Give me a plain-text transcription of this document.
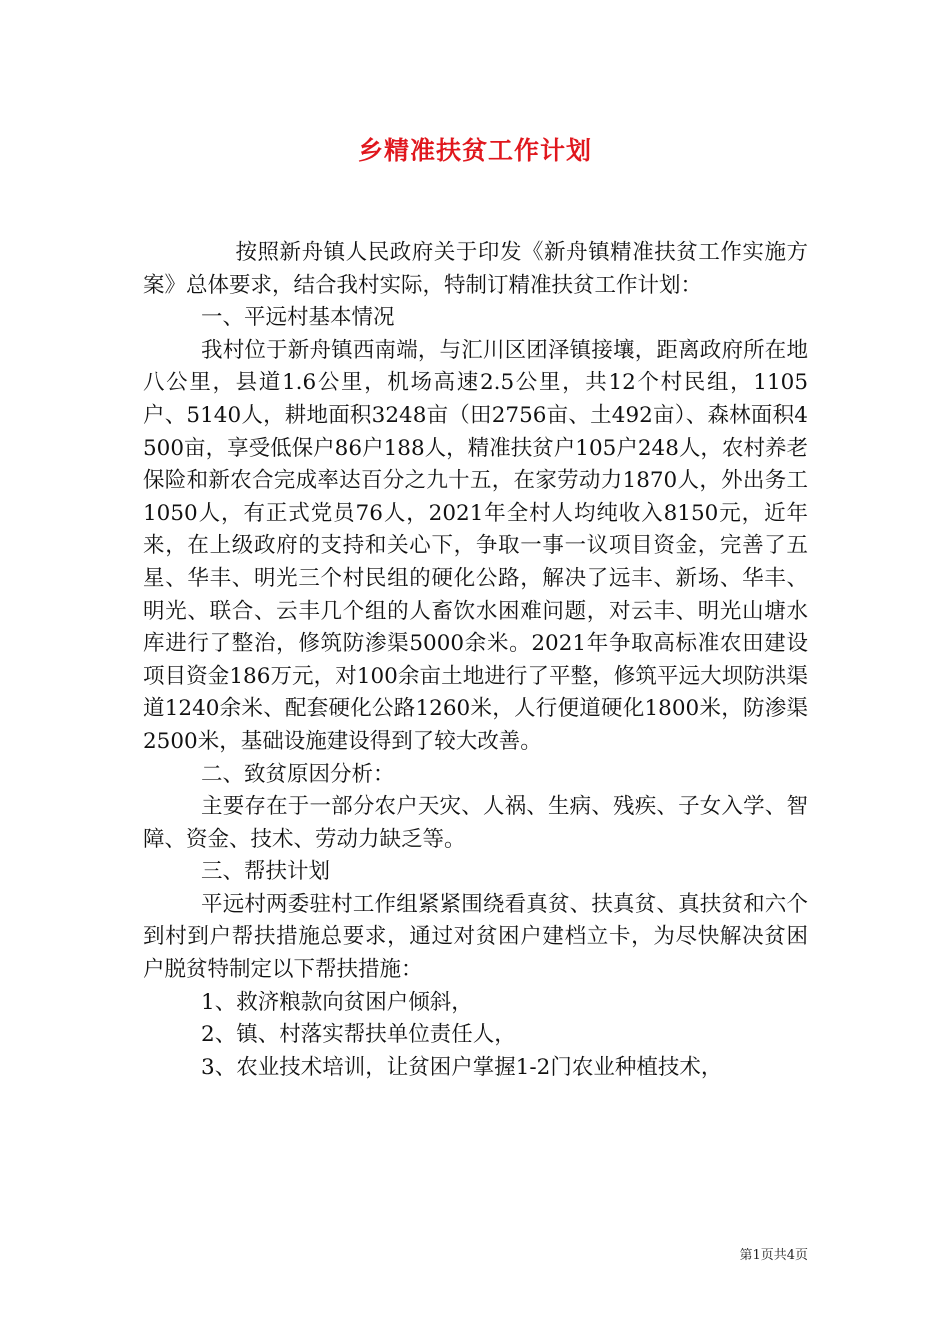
乡精准扶贫工作计划

按照新舟镇人民政府关于印发《新舟镇精准扶贫工作实施方案》总体要求，结合我村实际，特制订精准扶贫工作计划：

一、平远村基本情况

我村位于新舟镇西南端，与汇川区团泽镇接壤，距离政府所在地八公里，县道1.6公里，机场高速2.5公里，共12个村民组，1105户、5140人，耕地面积3248亩（田2756亩、土492亩）、森林面积4500亩，享受低保户86户188人，精准扶贫户105户248人，农村养老保险和新农合完成率达百分之九十五，在家劳动力1870人，外出务工1050人，有正式党员76人，2021年全村人均纯收入8150元，近年来，在上级政府的支持和关心下，争取一事一议项目资金，完善了五星、华丰、明光三个村民组的硬化公路，解决了远丰、新场、华丰、明光、联合、云丰几个组的人畜饮水困难问题，对云丰、明光山塘水库进行了整治，修筑防渗渠5000余米。2021年争取高标准农田建设项目资金186万元，对100余亩土地进行了平整，修筑平远大坝防洪渠道1240余米、配套硬化公路1260米，人行便道硬化1800米，防渗渠2500米，基础设施建设得到了较大改善。

二、致贫原因分析：

主要存在于一部分农户天灾、人祸、生病、残疾、子女入学、智障、资金、技术、劳动力缺乏等。

三、帮扶计划

平远村两委驻村工作组紧紧围绕看真贫、扶真贫、真扶贫和六个到村到户帮扶措施总要求，通过对贫困户建档立卡，为尽快解决贫困户脱贫特制定以下帮扶措施：

1、救济粮款向贫困户倾斜，

2、镇、村落实帮扶单位责任人，

3、农业技术培训，让贫困户掌握1-2门农业种植技术，

第1页共4页
